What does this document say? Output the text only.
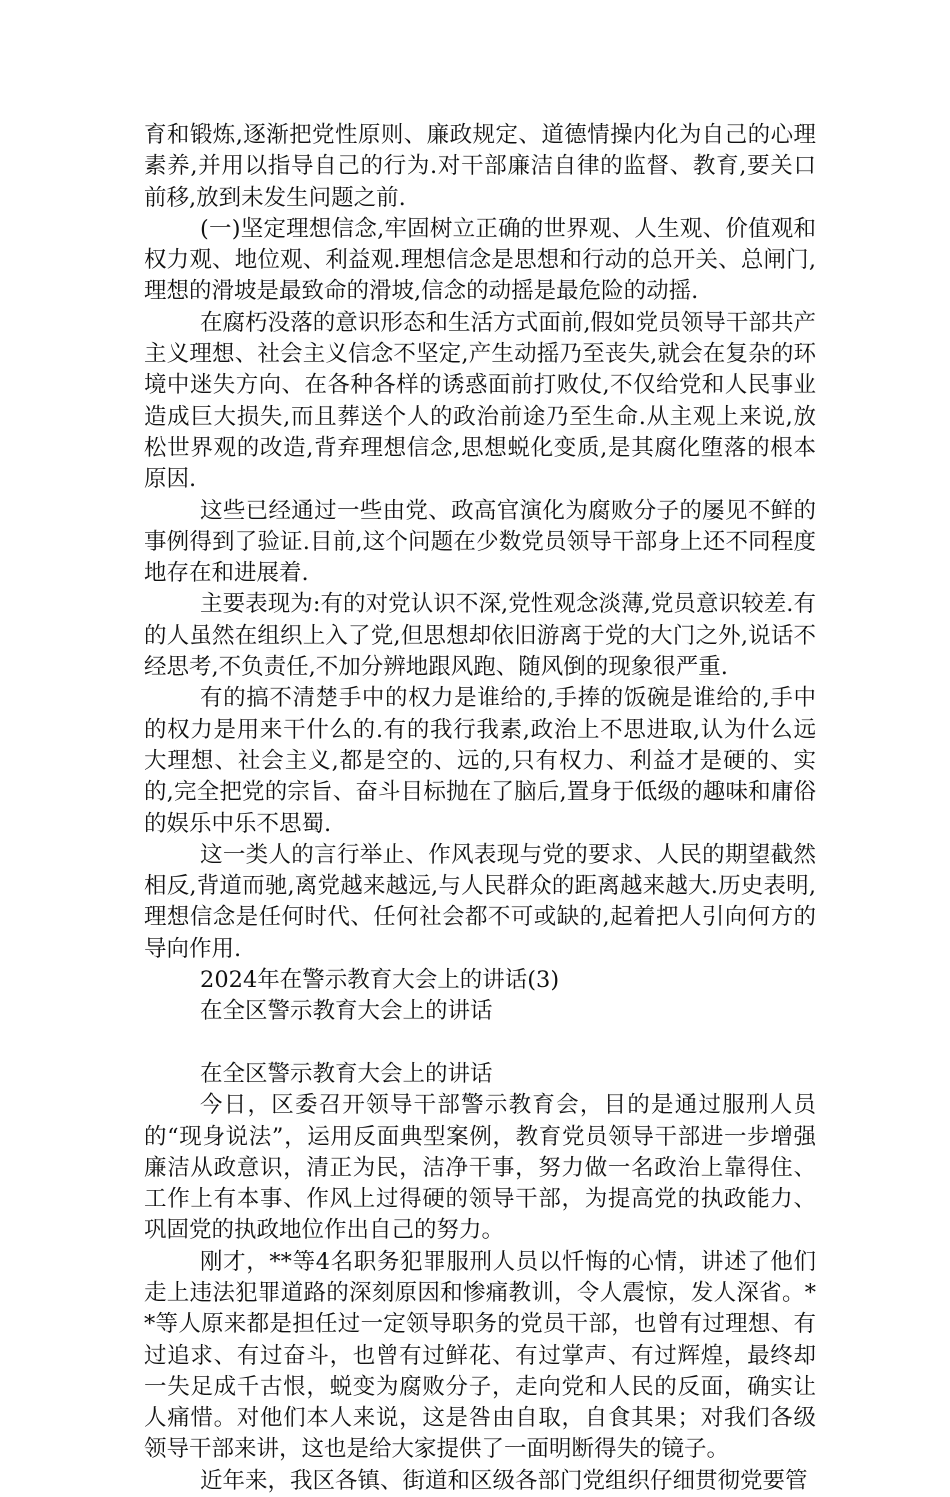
育和锻炼,逐渐把党性原则、廉政规定、道德情操内化为自己的心理素养,并用以指导自己的行为.对干部廉洁自律的监督、教育,要关口前移,放到未发生问题之前.

(一)坚定理想信念,牢固树立正确的世界观、人生观、价值观和权力观、地位观、利益观.理想信念是思想和行动的总开关、总闸门,理想的滑坡是最致命的滑坡,信念的动摇是最危险的动摇.

在腐朽没落的意识形态和生活方式面前,假如党员领导干部共产主义理想、社会主义信念不坚定,产生动摇乃至丧失,就会在复杂的环境中迷失方向、在各种各样的诱惑面前打败仗,不仅给党和人民事业造成巨大损失,而且葬送个人的政治前途乃至生命.从主观上来说,放松世界观的改造,背弃理想信念,思想蜕化变质,是其腐化堕落的根本原因.

这些已经通过一些由党、政高官演化为腐败分子的屡见不鲜的事例得到了验证.目前,这个问题在少数党员领导干部身上还不同程度地存在和进展着.

主要表现为:有的对党认识不深,党性观念淡薄,党员意识较差.有的人虽然在组织上入了党,但思想却依旧游离于党的大门之外,说话不经思考,不负责任,不加分辨地跟风跑、随风倒的现象很严重.

有的搞不清楚手中的权力是谁给的,手捧的饭碗是谁给的,手中的权力是用来干什么的.有的我行我素,政治上不思进取,认为什么远大理想、社会主义,都是空的、远的,只有权力、利益才是硬的、实的,完全把党的宗旨、奋斗目标抛在了脑后,置身于低级的趣味和庸俗的娱乐中乐不思蜀.

这一类人的言行举止、作风表现与党的要求、人民的期望截然相反,背道而驰,离党越来越远,与人民群众的距离越来越大.历史表明,理想信念是任何时代、任何社会都不可或缺的,起着把人引向何方的导向作用.

2024年在警示教育大会上的讲话(3)

在全区警示教育大会上的讲话

在全区警示教育大会上的讲话

今日，区委召开领导干部警示教育会，目的是通过服刑人员的“现身说法”，运用反面典型案例，教育党员领导干部进一步增强廉洁从政意识，清正为民，洁净干事，努力做一名政治上靠得住、工作上有本事、作风上过得硬的领导干部，为提高党的执政能力、巩固党的执政地位作出自己的努力。

刚才，**等4名职务犯罪服刑人员以忏悔的心情，讲述了他们走上违法犯罪道路的深刻原因和惨痛教训，令人震惊，发人深省。**等人原来都是担任过一定领导职务的党员干部，也曾有过理想、有过追求、有过奋斗，也曾有过鲜花、有过掌声、有过辉煌，最终却一失足成千古恨，蜕变为腐败分子，走向党和人民的反面，确实让人痛惜。对他们本人来说，这是咎由自取，自食其果；对我们各级领导干部来讲，这也是给大家提供了一面明断得失的镜子。

近年来，我区各镇、街道和区级各部门党组织仔细贯彻党要管
